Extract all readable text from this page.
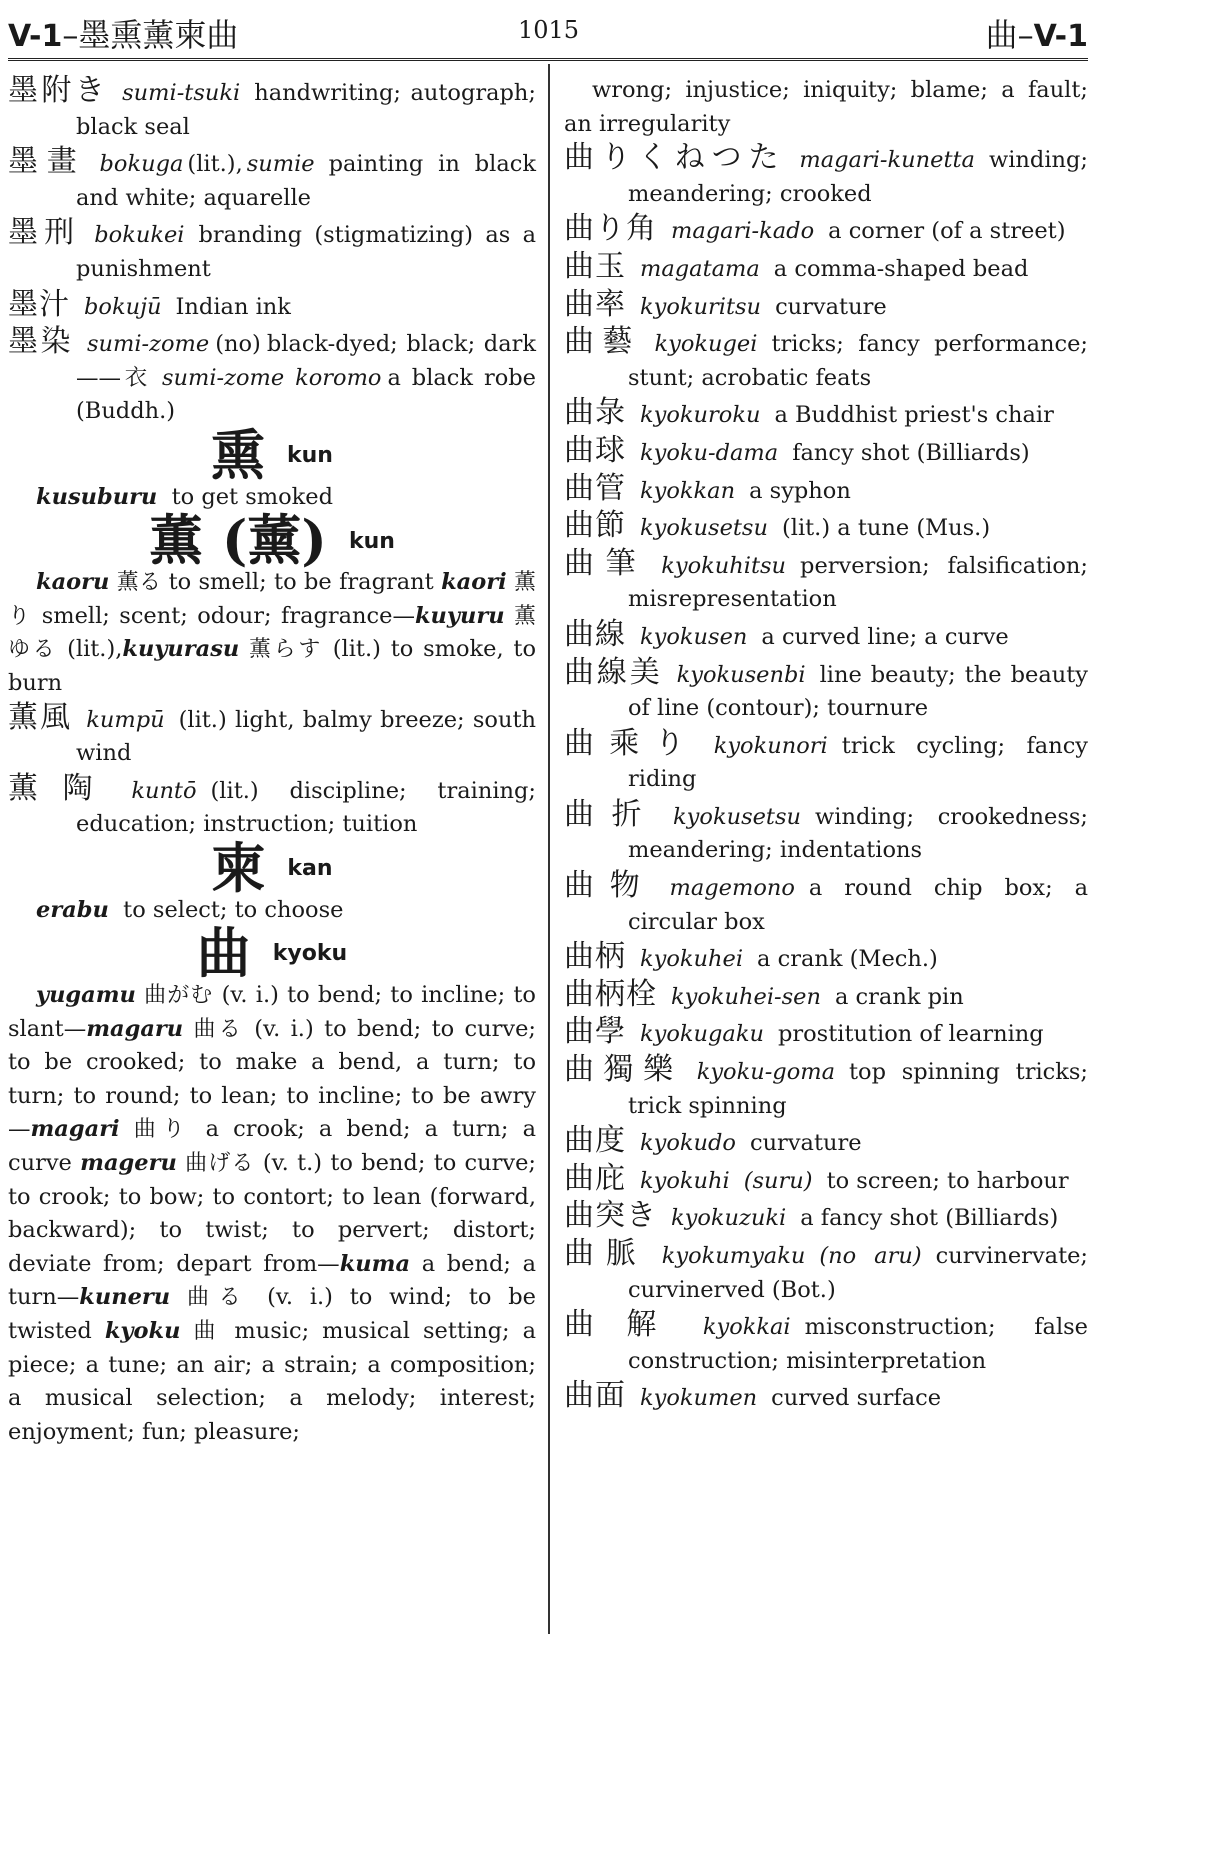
V-1–墨熏薰柬曲	1015	曲–V-1
墨附き sumi-tsuki handwriting; autograph; black seal
墨畫 bokuga (lit.), sumie painting in black and white; aquarelle
墨刑 bokukei branding (stigmatizing) as a punishment
墨汁 bokujū Indian ink
墨染 sumi-zome (no) black-dyed; black; dark——衣 sumi-zome koromo a black robe (Buddh.)
熏 kun
kusuburu to get smoked
薫 (薰) kun
kaoru 薫る to smell; to be fragrant kaori 薫り smell; scent; odour; fragrance—kuyuru 薫ゆる (lit.),kuyurasu 薫らす (lit.) to smoke, to burn
薫風 kumpū (lit.) light, balmy breeze; south wind
薫陶 kuntō (lit.) discipline; training; education; instruction; tuition
柬 kan
erabu to select; to choose
曲 kyoku
yugamu 曲がむ (v. i.) to bend; to incline; to slant—magaru 曲る (v. i.) to bend; to curve; to be crooked; to make a bend, a turn; to turn; to round; to lean; to incline; to be awry—magari 曲り a crook; a bend; a turn; a curve mageru 曲げる (v. t.) to bend; to curve; to crook; to bow; to contort; to lean (forward, backward); to twist; to pervert; distort; deviate from; depart from—kuma a bend; a turn—kuneru 曲る (v. i.) to wind; to be twisted kyoku 曲 music; musical setting; a piece; a tune; an air; a strain; a composition; a musical selection; a melody; interest; enjoyment; fun; pleasure;
wrong; injustice; iniquity; blame; a fault; an irregularity
曲りくねつた magari-kunetta winding; meandering; crooked
曲り角 magari-kado a corner (of a street)
曲玉 magatama a comma-shaped bead
曲率 kyokuritsu curvature
曲藝 kyokugei tricks; fancy performance; stunt; acrobatic feats
曲彔 kyokuroku a Buddhist priest's chair
曲球 kyoku-dama fancy shot (Billiards)
曲管 kyokkan a syphon
曲節 kyokusetsu (lit.) a tune (Mus.)
曲筆 kyokuhitsu perversion; falsification; misrepresentation
曲線 kyokusen a curved line; a curve
曲線美 kyokusenbi line beauty; the beauty of line (contour); tournure
曲乘り kyokunori trick cycling; fancy riding
曲折 kyokusetsu winding; crookedness; meandering; indentations
曲物 magemono a round chip box; a circular box
曲柄 kyokuhei a crank (Mech.)
曲柄栓 kyokuhei-sen a crank pin
曲學 kyokugaku prostitution of learning
曲獨樂 kyoku-goma top spinning tricks; trick spinning
曲度 kyokudo curvature
曲庇 kyokuhi (suru) to screen; to harbour
曲突き kyokuzuki a fancy shot (Billiards)
曲脈 kyokumyaku (no aru) curvinervate; curvinerved (Bot.)
曲解 kyokkai misconstruction; false construction; misinterpretation
曲面 kyokumen curved surface
